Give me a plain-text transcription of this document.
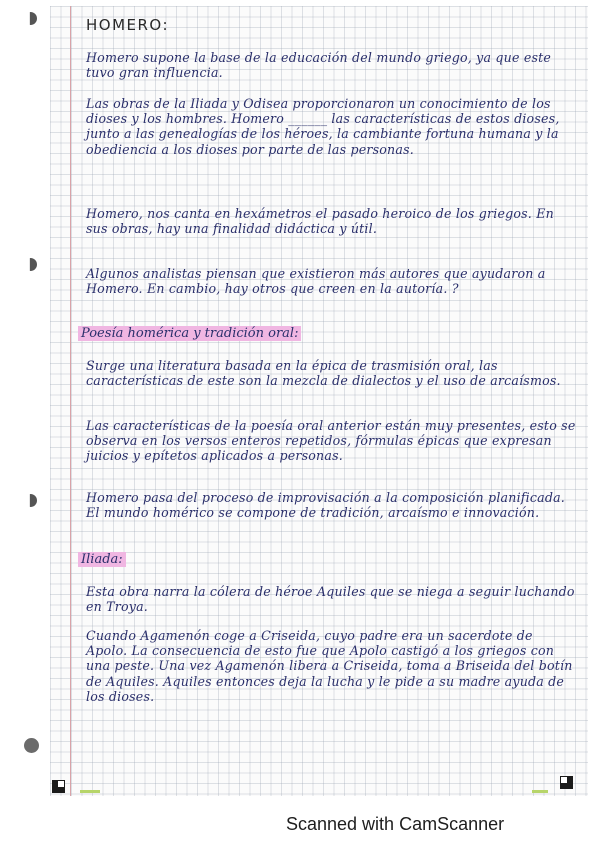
HOMERO:
Homero supone la base de la educación del mundo griego, ya que este tuvo gran influencia.
Las obras de la Iliada y Odisea proporcionaron un conocimiento de los dioses y los hombres. Homero ______ las características de estos dioses, junto a las genealogías de los héroes, la cambiante fortuna humana y la obediencia a los dioses por parte de las personas.
Homero, nos canta en hexámetros el pasado heroico de los griegos. En sus obras, hay una finalidad didáctica y útil.
Algunos analistas piensan que existieron más autores que ayudaron a Homero. En cambio, hay otros que creen en la autoría. ?
Poesía homérica y tradición oral:
Surge una literatura basada en la épica de trasmisión oral, las características de este son la mezcla de dialectos y el uso de arcaísmos.
Las características de la poesía oral anterior están muy presentes, esto se observa en los versos enteros repetidos, fórmulas épicas que expresan juicios y epítetos aplicados a personas.
Homero pasa del proceso de improvisación a la composición planificada. El mundo homérico se compone de tradición, arcaísmo e innovación.
Iliada:
Esta obra narra la cólera de héroe Aquiles que se niega a seguir luchando en Troya.
Cuando Agamenón coge a Criseida, cuyo padre era un sacerdote de Apolo. La consecuencia de esto fue que Apolo castigó a los griegos con una peste. Una vez Agamenón libera a Criseida, toma a Briseida del botín de Aquiles. Aquiles entonces deja la lucha y le pide a su madre ayuda de los dioses.
Scanned with CamScanner
